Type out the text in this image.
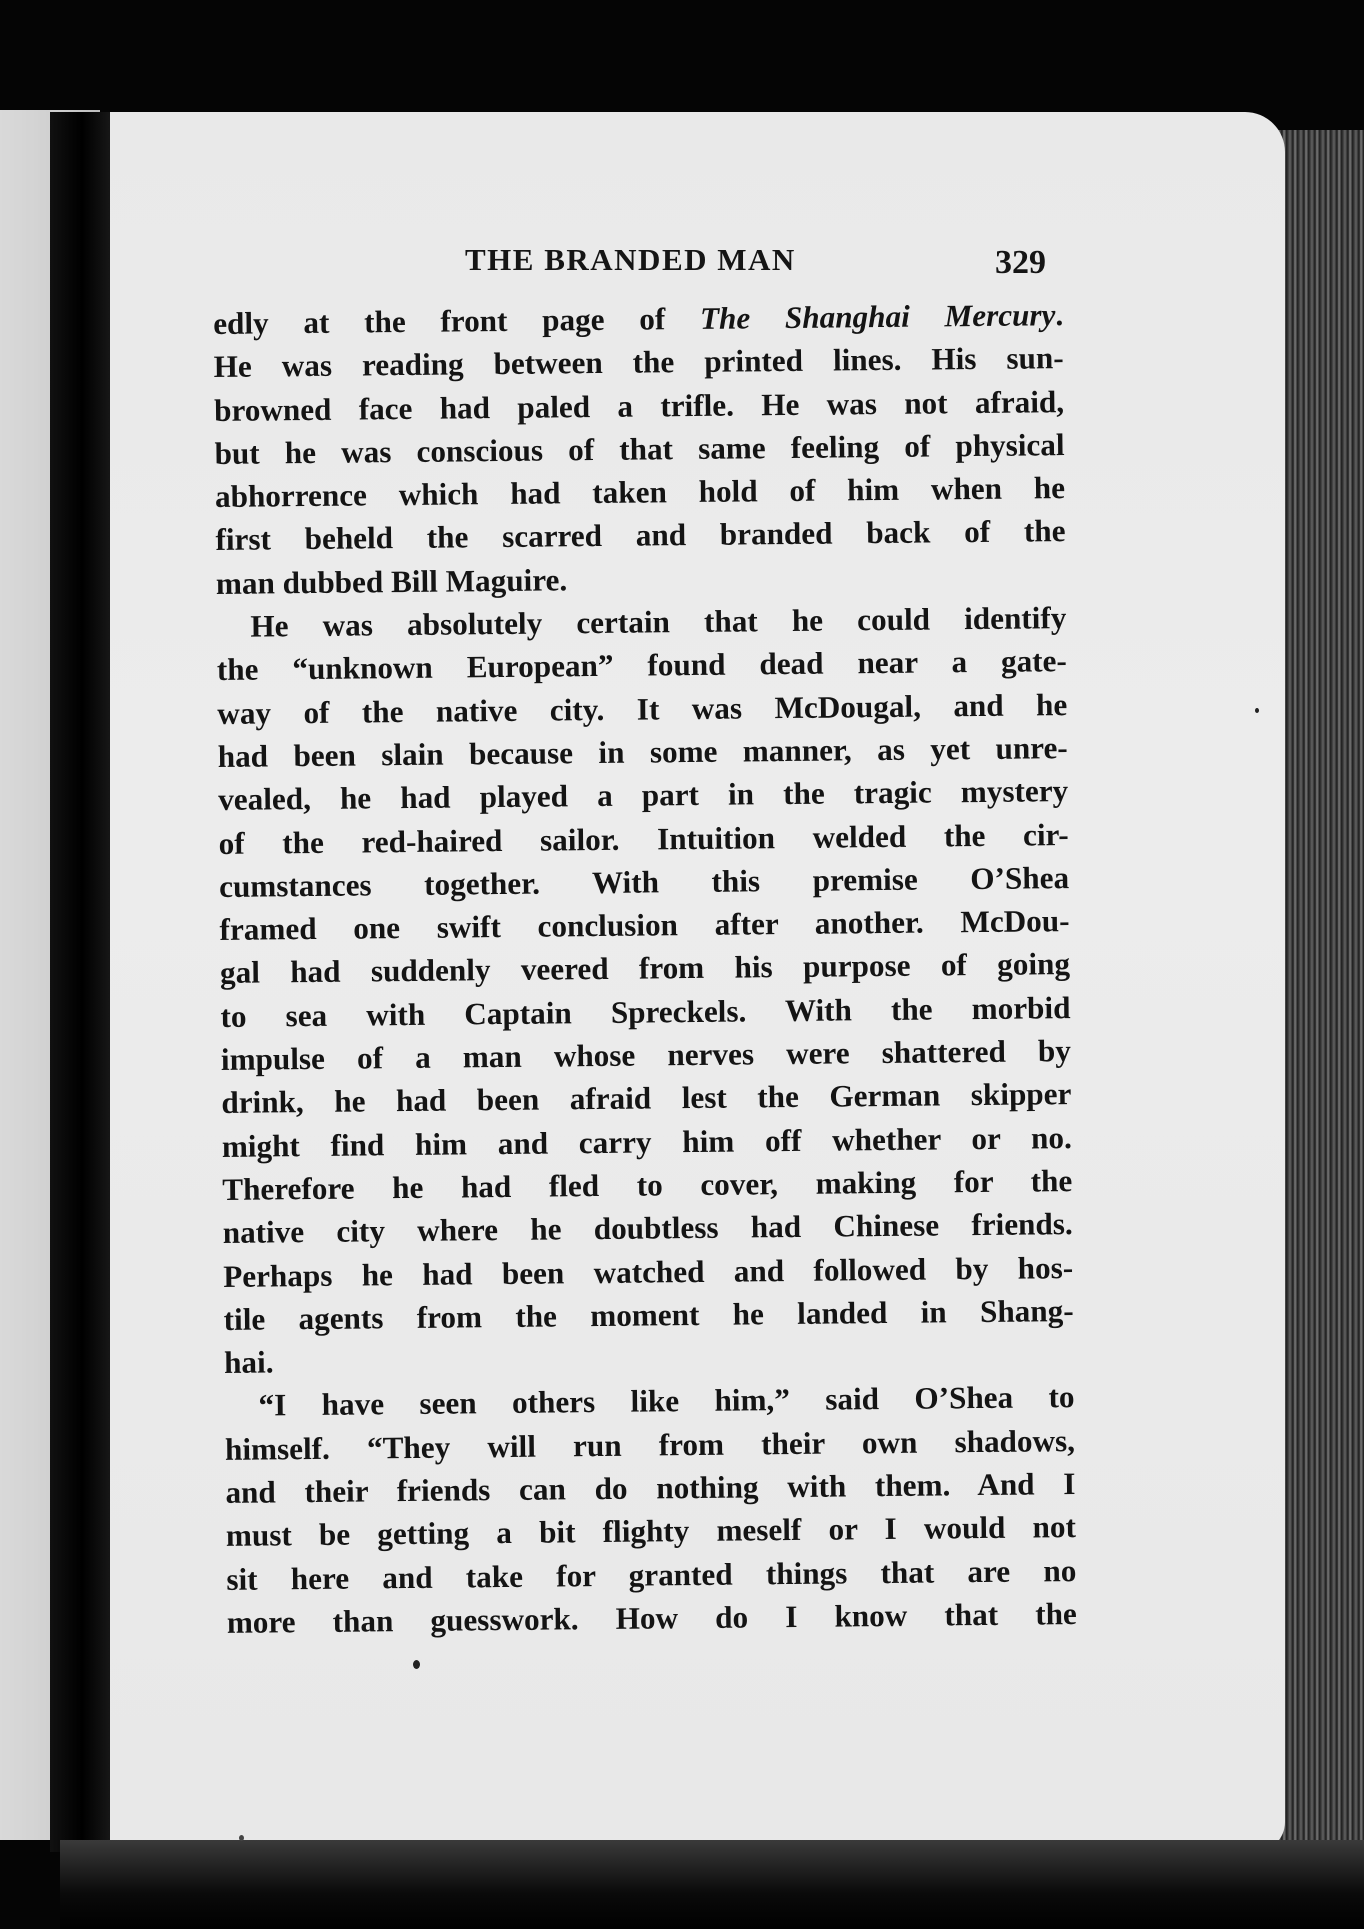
THE BRANDED MAN	329
edly at the front page of The Shanghai Mercury.
He was reading between the printed lines. His sun-
browned face had paled a trifle. He was not afraid,
but he was conscious of that same feeling of physical
abhorrence which had taken hold of him when he
first beheld the scarred and branded back of the
man dubbed Bill Maguire.
He was absolutely certain that he could identify
the “unknown European” found dead near a gate-
way of the native city. It was McDougal, and he
had been slain because in some manner, as yet unre-
vealed, he had played a part in the tragic mystery
of the red-haired sailor. Intuition welded the cir-
cumstances together. With this premise O’Shea
framed one swift conclusion after another. McDou-
gal had suddenly veered from his purpose of going
to sea with Captain Spreckels. With the morbid
impulse of a man whose nerves were shattered by
drink, he had been afraid lest the German skipper
might find him and carry him off whether or no.
Therefore he had fled to cover, making for the
native city where he doubtless had Chinese friends.
Perhaps he had been watched and followed by hos-
tile agents from the moment he landed in Shang-
hai.
“I have seen others like him,” said O’Shea to
himself. “They will run from their own shadows,
and their friends can do nothing with them. And I
must be getting a bit flighty meself or I would not
sit here and take for granted things that are no
more than guesswork. How do I know that the
